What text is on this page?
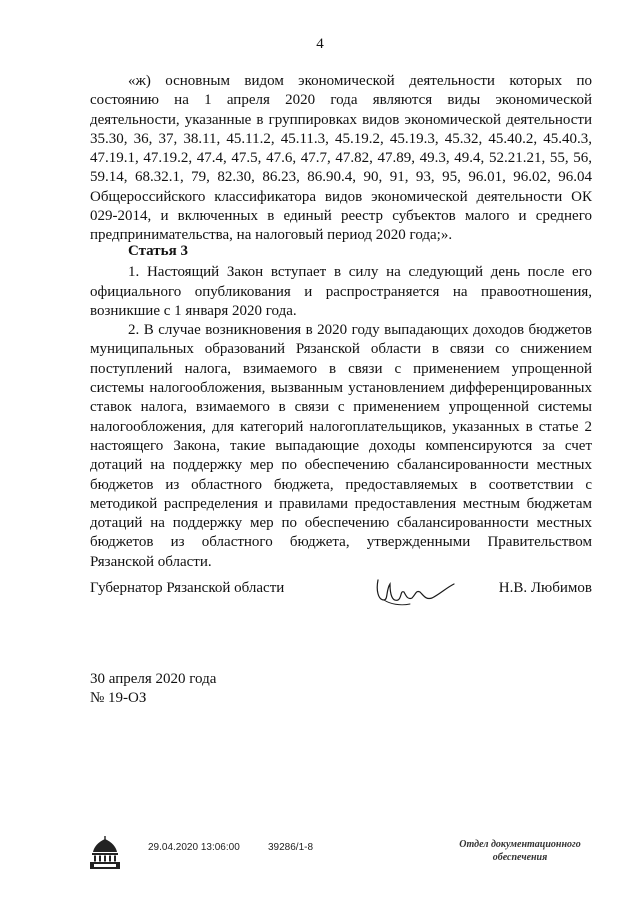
4

«ж) основным видом экономической деятельности которых по состоянию на 1 апреля 2020 года являются виды экономической деятельности, указанные в группировках видов экономической деятельности 35.30, 36, 37, 38.11, 45.11.2, 45.11.3, 45.19.2, 45.19.3, 45.32, 45.40.2, 45.40.3, 47.19.1, 47.19.2, 47.4, 47.5, 47.6, 47.7, 47.82, 47.89, 49.3, 49.4, 52.21.21, 55, 56, 59.14, 68.32.1, 79, 82.30, 86.23, 86.90.4, 90, 91, 93, 95, 96.01, 96.02, 96.04 Общероссийского классификатора видов экономической деятельности ОК 029-2014, и включенных в единый реестр субъектов малого и среднего предпринимательства, на налоговый период 2020 года;».

Статья 3

1. Настоящий Закон вступает в силу на следующий день после его официального опубликования и распространяется на правоотношения, возникшие с 1 января 2020 года.

2. В случае возникновения в 2020 году выпадающих доходов бюджетов муниципальных образований Рязанской области в связи со снижением поступлений налога, взимаемого в связи с применением упрощенной системы налогообложения, вызванным установлением дифференцированных ставок налога, взимаемого в связи с применением упрощенной системы налогообложения, для категорий налогоплательщиков, указанных в статье 2 настоящего Закона, такие выпадающие доходы компенсируются за счет дотаций на поддержку мер по обеспечению сбалансированности местных бюджетов из областного бюджета, предоставляемых в соответствии с методикой распределения и правилами предоставления местным бюджетам дотаций на поддержку мер по обеспечению сбалансированности местных бюджетов из областного бюджета, утвержденными Правительством Рязанской области.

Губернатор Рязанской области	Н.В. Любимов
30 апреля 2020 года
№ 19-ОЗ
29.04.2020 13:06:00	39286/1-8	Отдел документационного
обеспечения
